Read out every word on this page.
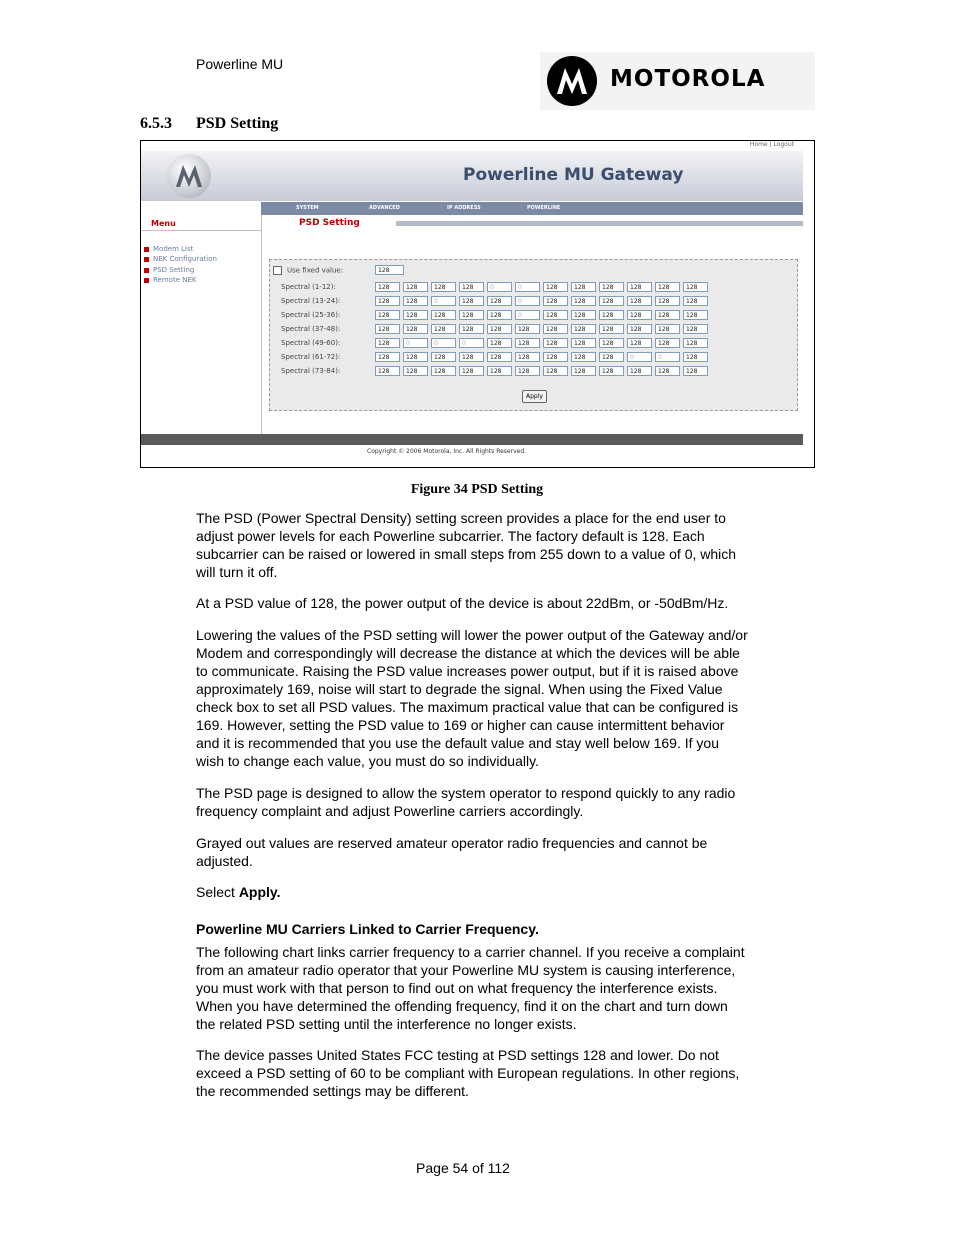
Powerline MU
MOTOROLA
6.5.3 PSD Setting
Home | Logout
Powerline MU Gateway
SYSTEM	ADVANCED	IP ADDRESS	POWERLINE
Menu
Modem List
NEK Configuration
PSD Setting
Remote NEK
PSD Setting
Use fixed value:	128
Spectral (1-12):	128	128	128	128	0	0	128	128	128	128	128	128
Spectral (13-24):	128	128	0	128	128	0	128	128	128	128	128	128
Spectral (25-36):	128	128	128	128	128	0	128	128	128	128	128	128
Spectral (37-48):	128	128	128	128	128	128	128	128	128	128	128	128
Spectral (49-60):	128	0	0	0	128	128	128	128	128	128	128	128
Spectral (61-72):	128	128	128	128	128	128	128	128	128	0	0	128
Spectral (73-84):	128	128	128	128	128	128	128	128	128	128	128	128
Apply
Copyright © 2006 Motorola, Inc. All Rights Reserved.
Figure 34 PSD Setting
The PSD (Power Spectral Density) setting screen provides a place for the end user to
adjust power levels for each Powerline subcarrier. The factory default is 128. Each
subcarrier can be raised or lowered in small steps from 255 down to a value of 0, which
will turn it off.
At a PSD value of 128, the power output of the device is about 22dBm, or -50dBm/Hz.
Lowering the values of the PSD setting will lower the power output of the Gateway and/or
Modem and correspondingly will decrease the distance at which the devices will be able
to communicate. Raising the PSD value increases power output, but if it is raised above
approximately 169, noise will start to degrade the signal. When using the Fixed Value
check box to set all PSD values. The maximum practical value that can be configured is
169. However, setting the PSD value to 169 or higher can cause intermittent behavior
and it is recommended that you use the default value and stay well below 169. If you
wish to change each value, you must do so individually.
The PSD page is designed to allow the system operator to respond quickly to any radio
frequency complaint and adjust Powerline carriers accordingly.
Grayed out values are reserved amateur operator radio frequencies and cannot be
adjusted.
Select Apply.
Powerline MU Carriers Linked to Carrier Frequency.
The following chart links carrier frequency to a carrier channel. If you receive a complaint
from an amateur radio operator that your Powerline MU system is causing interference,
you must work with that person to find out on what frequency the interference exists.
When you have determined the offending frequency, find it on the chart and turn down
the related PSD setting until the interference no longer exists.
The device passes United States FCC testing at PSD settings 128 and lower. Do not
exceed a PSD setting of 60 to be compliant with European regulations. In other regions,
the recommended settings may be different.
Page 54 of 112
